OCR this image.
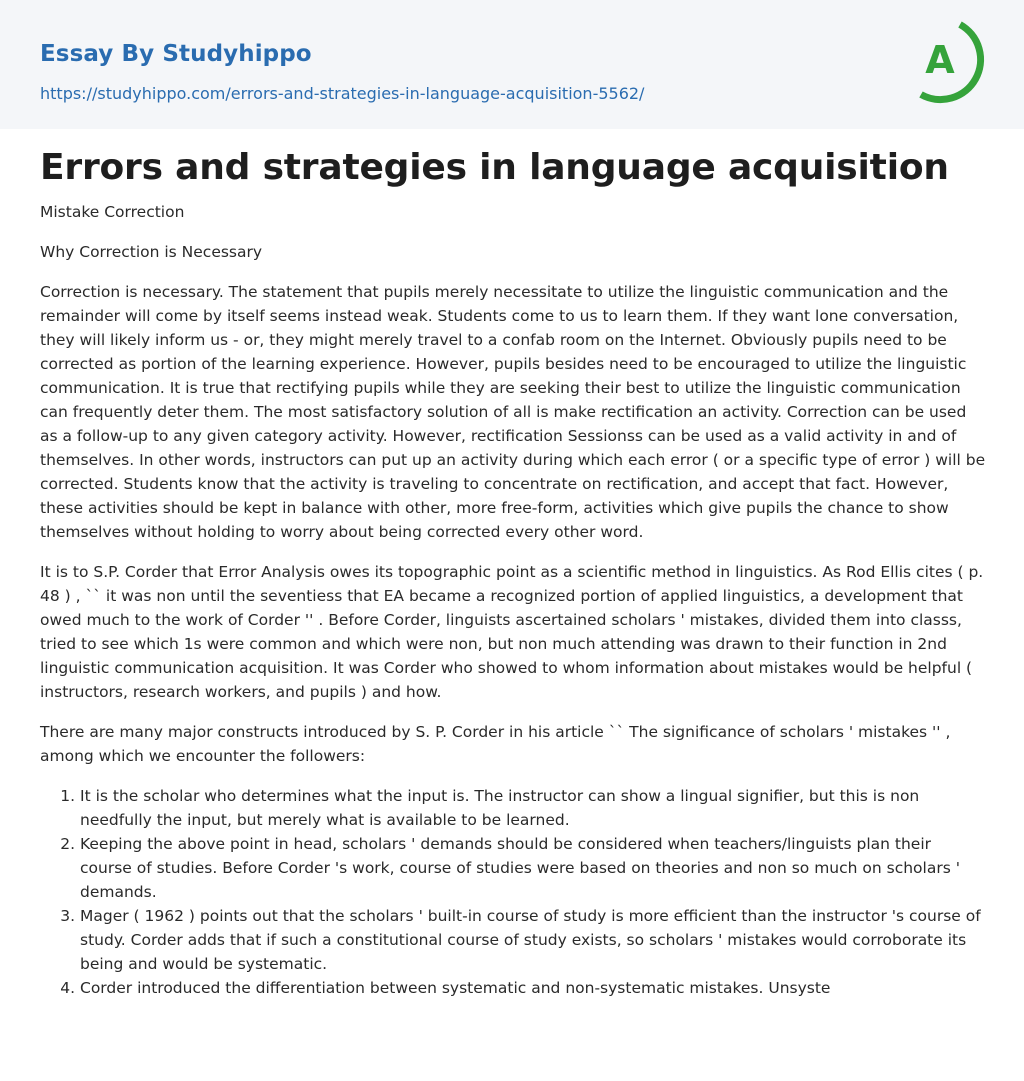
Essay By Studyhippo
https://studyhippo.com/errors-and-strategies-in-language-acquisition-5562/
A
Errors and strategies in language acquisition

Mistake Correction

Why Correction is Necessary

Correction is necessary. The statement that pupils merely necessitate to utilize the linguistic communication and the remainder will come by itself seems instead weak. Students come to us to learn them. If they want lone conversation, they will likely inform us - or, they might merely travel to a confab room on the Internet. Obviously pupils need to be corrected as portion of the learning experience. However, pupils besides need to be encouraged to utilize the linguistic communication. It is true that rectifying pupils while they are seeking their best to utilize the linguistic communication can frequently deter them. The most satisfactory solution of all is make rectification an activity. Correction can be used as a follow-up to any given category activity. However, rectification Sessionss can be used as a valid activity in and of themselves. In other words, instructors can put up an activity during which each error ( or a specific type of error ) will be corrected. Students know that the activity is traveling to concentrate on rectification, and accept that fact. However, these activities should be kept in balance with other, more free-form, activities which give pupils the chance to show themselves without holding to worry about being corrected every other word.

It is to S.P. Corder that Error Analysis owes its topographic point as a scientific method in linguistics. As Rod Ellis cites ( p. 48 ) , `` it was non until the seventiess that EA became a recognized portion of applied linguistics, a development that owed much to the work of Corder '' . Before Corder, linguists ascertained scholars ' mistakes, divided them into classs, tried to see which 1s were common and which were non, but non much attending was drawn to their function in 2nd linguistic communication acquisition. It was Corder who showed to whom information about mistakes would be helpful ( instructors, research workers, and pupils ) and how.

There are many major constructs introduced by S. P. Corder in his article `` The significance of scholars ' mistakes '' , among which we encounter the followers:

1. It is the scholar who determines what the input is. The instructor can show a lingual signifier, but this is non needfully the input, but merely what is available to be learned.
2. Keeping the above point in head, scholars ' demands should be considered when teachers/linguists plan their course of studies. Before Corder 's work, course of studies were based on theories and non so much on scholars ' demands.
3. Mager ( 1962 ) points out that the scholars ' built-in course of study is more efficient than the instructor 's course of study. Corder adds that if such a constitutional course of study exists, so scholars ' mistakes would corroborate its being and would be systematic.
4. Corder introduced the differentiation between systematic and non-systematic mistakes. Unsyste
